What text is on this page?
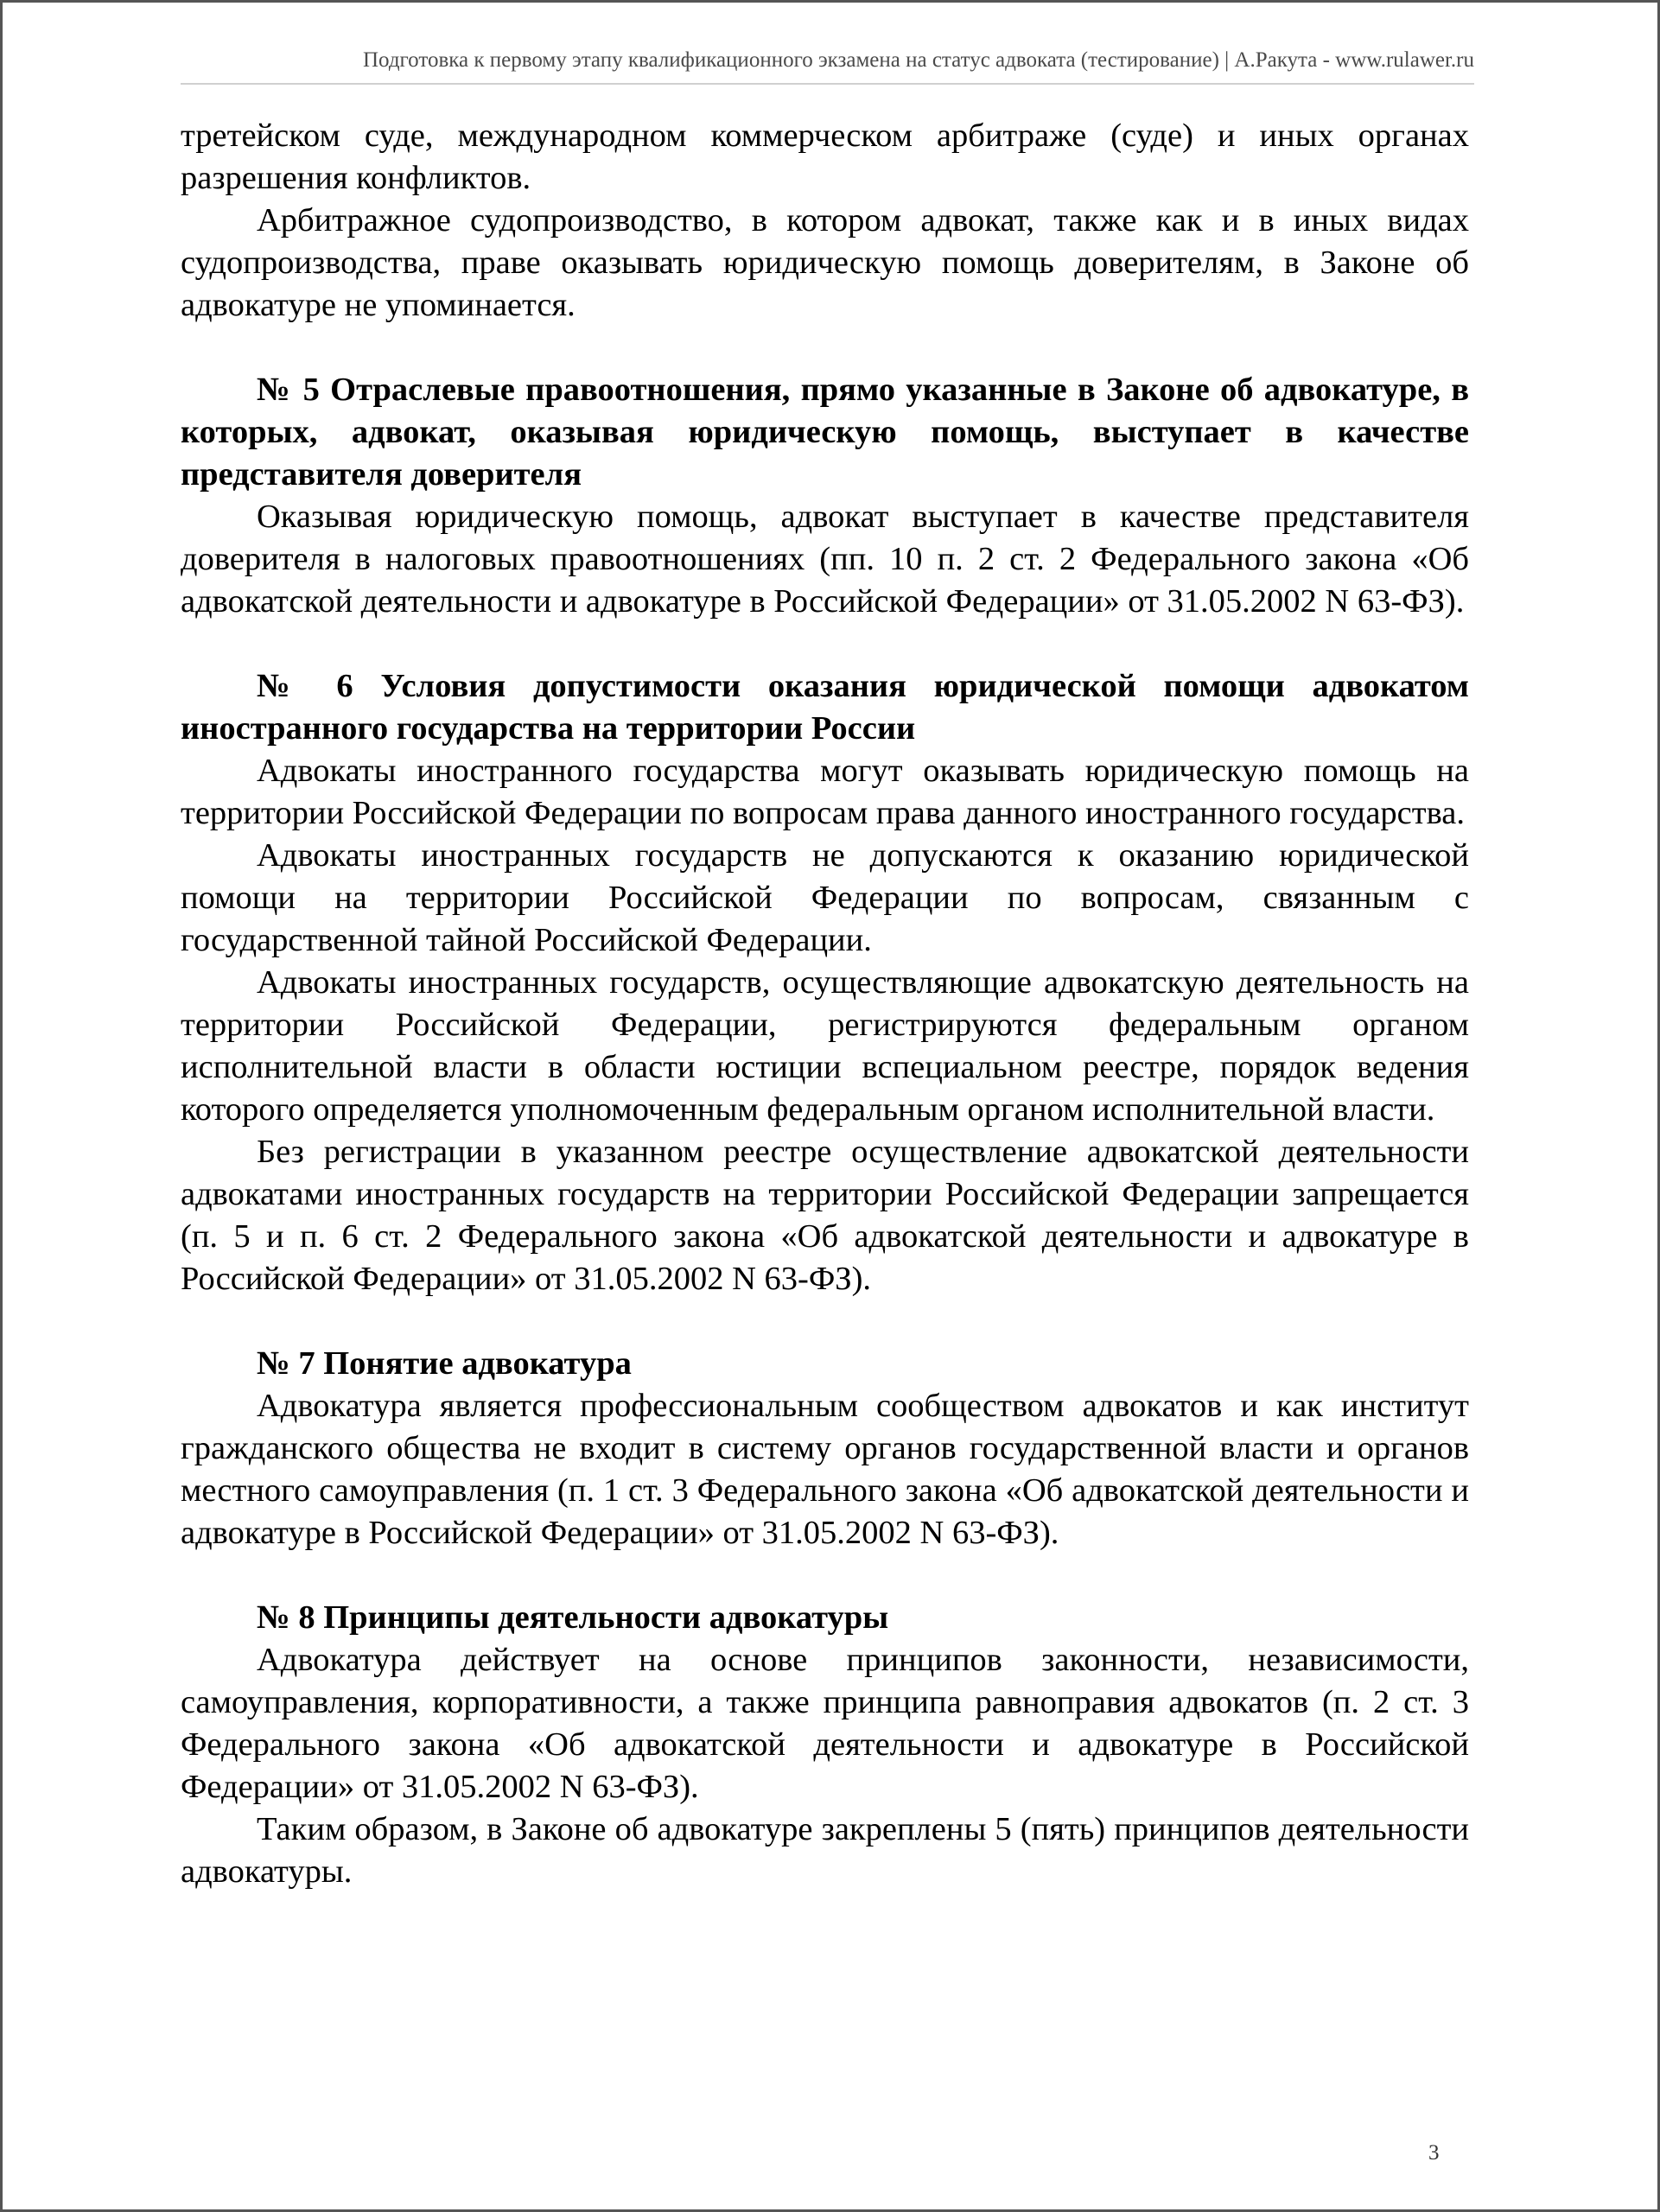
Подготовка к первому этапу квалификационного экзамена на статус адвоката (тестирование) | А.Ракута - www.rulawer.ru

третейском суде, международном коммерческом арбитраже (суде) и иных органах разрешения конфликтов.

Арбитражное судопроизводство, в котором адвокат, также как и в иных видах судопроизводства, праве оказывать юридическую помощь доверителям, в Законе об адвокатуре не упоминается.

№ 5 Отраслевые правоотношения, прямо указанные в Законе об адвокатуре, в которых, адвокат, оказывая юридическую помощь, выступает в качестве представителя доверителя

Оказывая юридическую помощь, адвокат выступает в качестве представителя доверителя в налоговых правоотношениях (пп. 10 п. 2 ст. 2 Федерального закона «Об адвокатской деятельности и адвокатуре в Российской Федерации» от 31.05.2002 N 63-ФЗ).

№ 6 Условия допустимости оказания юридической помощи адвокатом иностранного государства на территории России

Адвокаты иностранного государства могут оказывать юридическую помощь на территории Российской Федерации по вопросам права данного иностранного государства.

Адвокаты иностранных государств не допускаются к оказанию юридической помощи на территории Российской Федерации по вопросам, связанным с государственной тайной Российской Федерации.

Адвокаты иностранных государств, осуществляющие адвокатскую деятельность на территории Российской Федерации, регистрируются федеральным органом исполнительной власти в области юстиции вспециальном реестре, порядок ведения которого определяется уполномоченным федеральным органом исполнительной власти.

Без регистрации в указанном реестре осуществление адвокатской деятельности адвокатами иностранных государств на территории Российской Федерации запрещается (п. 5 и п. 6 ст. 2 Федерального закона «Об адвокатской деятельности и адвокатуре в Российской Федерации» от 31.05.2002 N 63-ФЗ).

№ 7 Понятие адвокатура

Адвокатура является профессиональным сообществом адвокатов и как институт гражданского общества не входит в систему органов государственной власти и органов местного самоуправления (п. 1 ст. 3 Федерального закона «Об адвокатской деятельности и адвокатуре в Российской Федерации» от 31.05.2002 N 63-ФЗ).

№ 8 Принципы деятельности адвокатуры

Адвокатура действует на основе принципов законности, независимости, самоуправления, корпоративности, а также принципа равноправия адвокатов (п. 2 ст. 3 Федерального закона «Об адвокатской деятельности и адвокатуре в Российской Федерации» от 31.05.2002 N 63-ФЗ).

Таким образом, в Законе об адвокатуре закреплены 5 (пять) принципов деятельности адвокатуры.

3
